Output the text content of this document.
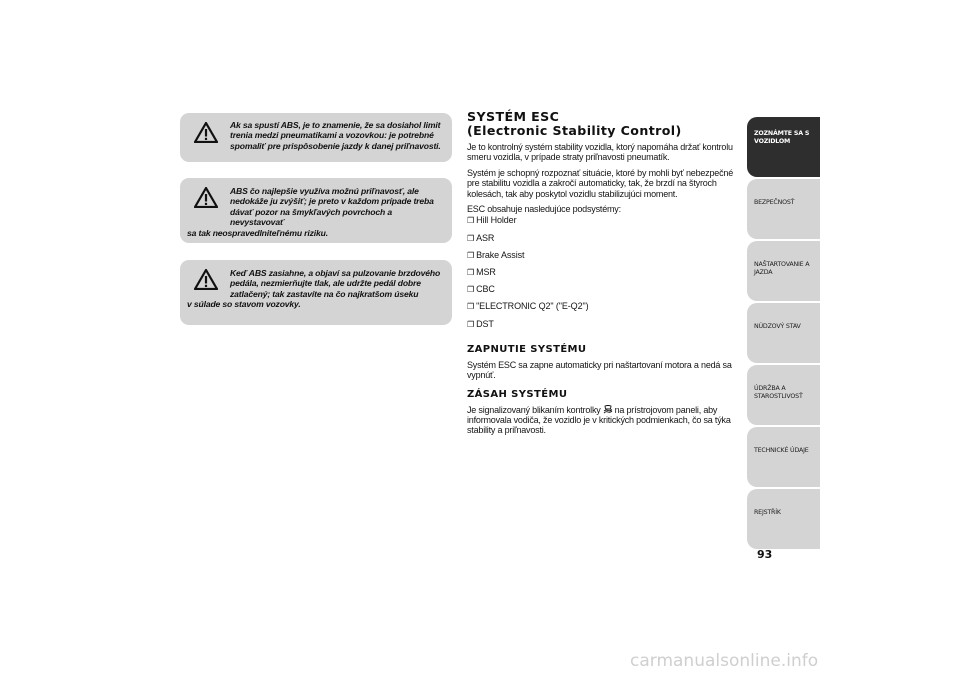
Ak sa spustí ABS, je to znamenie, že sa dosiahol limit
trenia medzi pneumatikami a vozovkou: je potrebné
spomaliť pre prispôsobenie jazdy k danej priľnavosti.

ABS čo najlepšie využíva možnú priľnavosť, ale
nedokáže ju zvýšiť; je preto v každom prípade treba
dávať pozor na šmykľavých povrchoch a nevystavovať
sa tak neospravedlniteľnému riziku.

Keď ABS zasiahne, a objaví sa pulzovanie brzdového
pedála, nezmierňujte tlak, ale udržte pedál dobre
zatlačený; tak zastavíte na čo najkratšom úseku
v súlade so stavom vozovky.

SYSTÉM ESC
(Electronic Stability Control)

Je to kontrolný systém stability vozidla, ktorý napomáha držať kontrolu smeru vozidla, v prípade straty priľnavosti pneumatík.

Systém je schopný rozpoznať situácie, ktoré by mohli byť nebezpečné pre stabilitu vozidla a zakročí automaticky, tak, že brzdí na štyroch kolesách, tak aby poskytol vozidlu stabilizujúci moment.

ESC obsahuje nasledujúce podsystémy:

❒ Hill Holder
❒ ASR
❒ Brake Assist
❒ MSR
❒ CBC
❒ "ELECTRONIC Q2" ("E-Q2")
❒ DST
ZAPNUTIE SYSTÉMU

Systém ESC sa zapne automaticky pri naštartovaní motora a nedá sa vypnúť.

ZÁSAH SYSTÉMU

Je signalizovaný blikaním kontrolky na prístrojovom paneli, aby informovala vodiča, že vozidlo je v kritických podmienkach, čo sa týka stability a priľnavosti.

ZOZNÁMTE SA S VOZIDLOM
BEZPEČNOSŤ
NAŠTARTOVANIE A JAZDA
NÚDZOVÝ STAV
ÚDRŽBA A STAROSTLIVOSŤ
TECHNICKÉ ÚDAJE
REJSTŘÍK
93
carmanualsonline.info
